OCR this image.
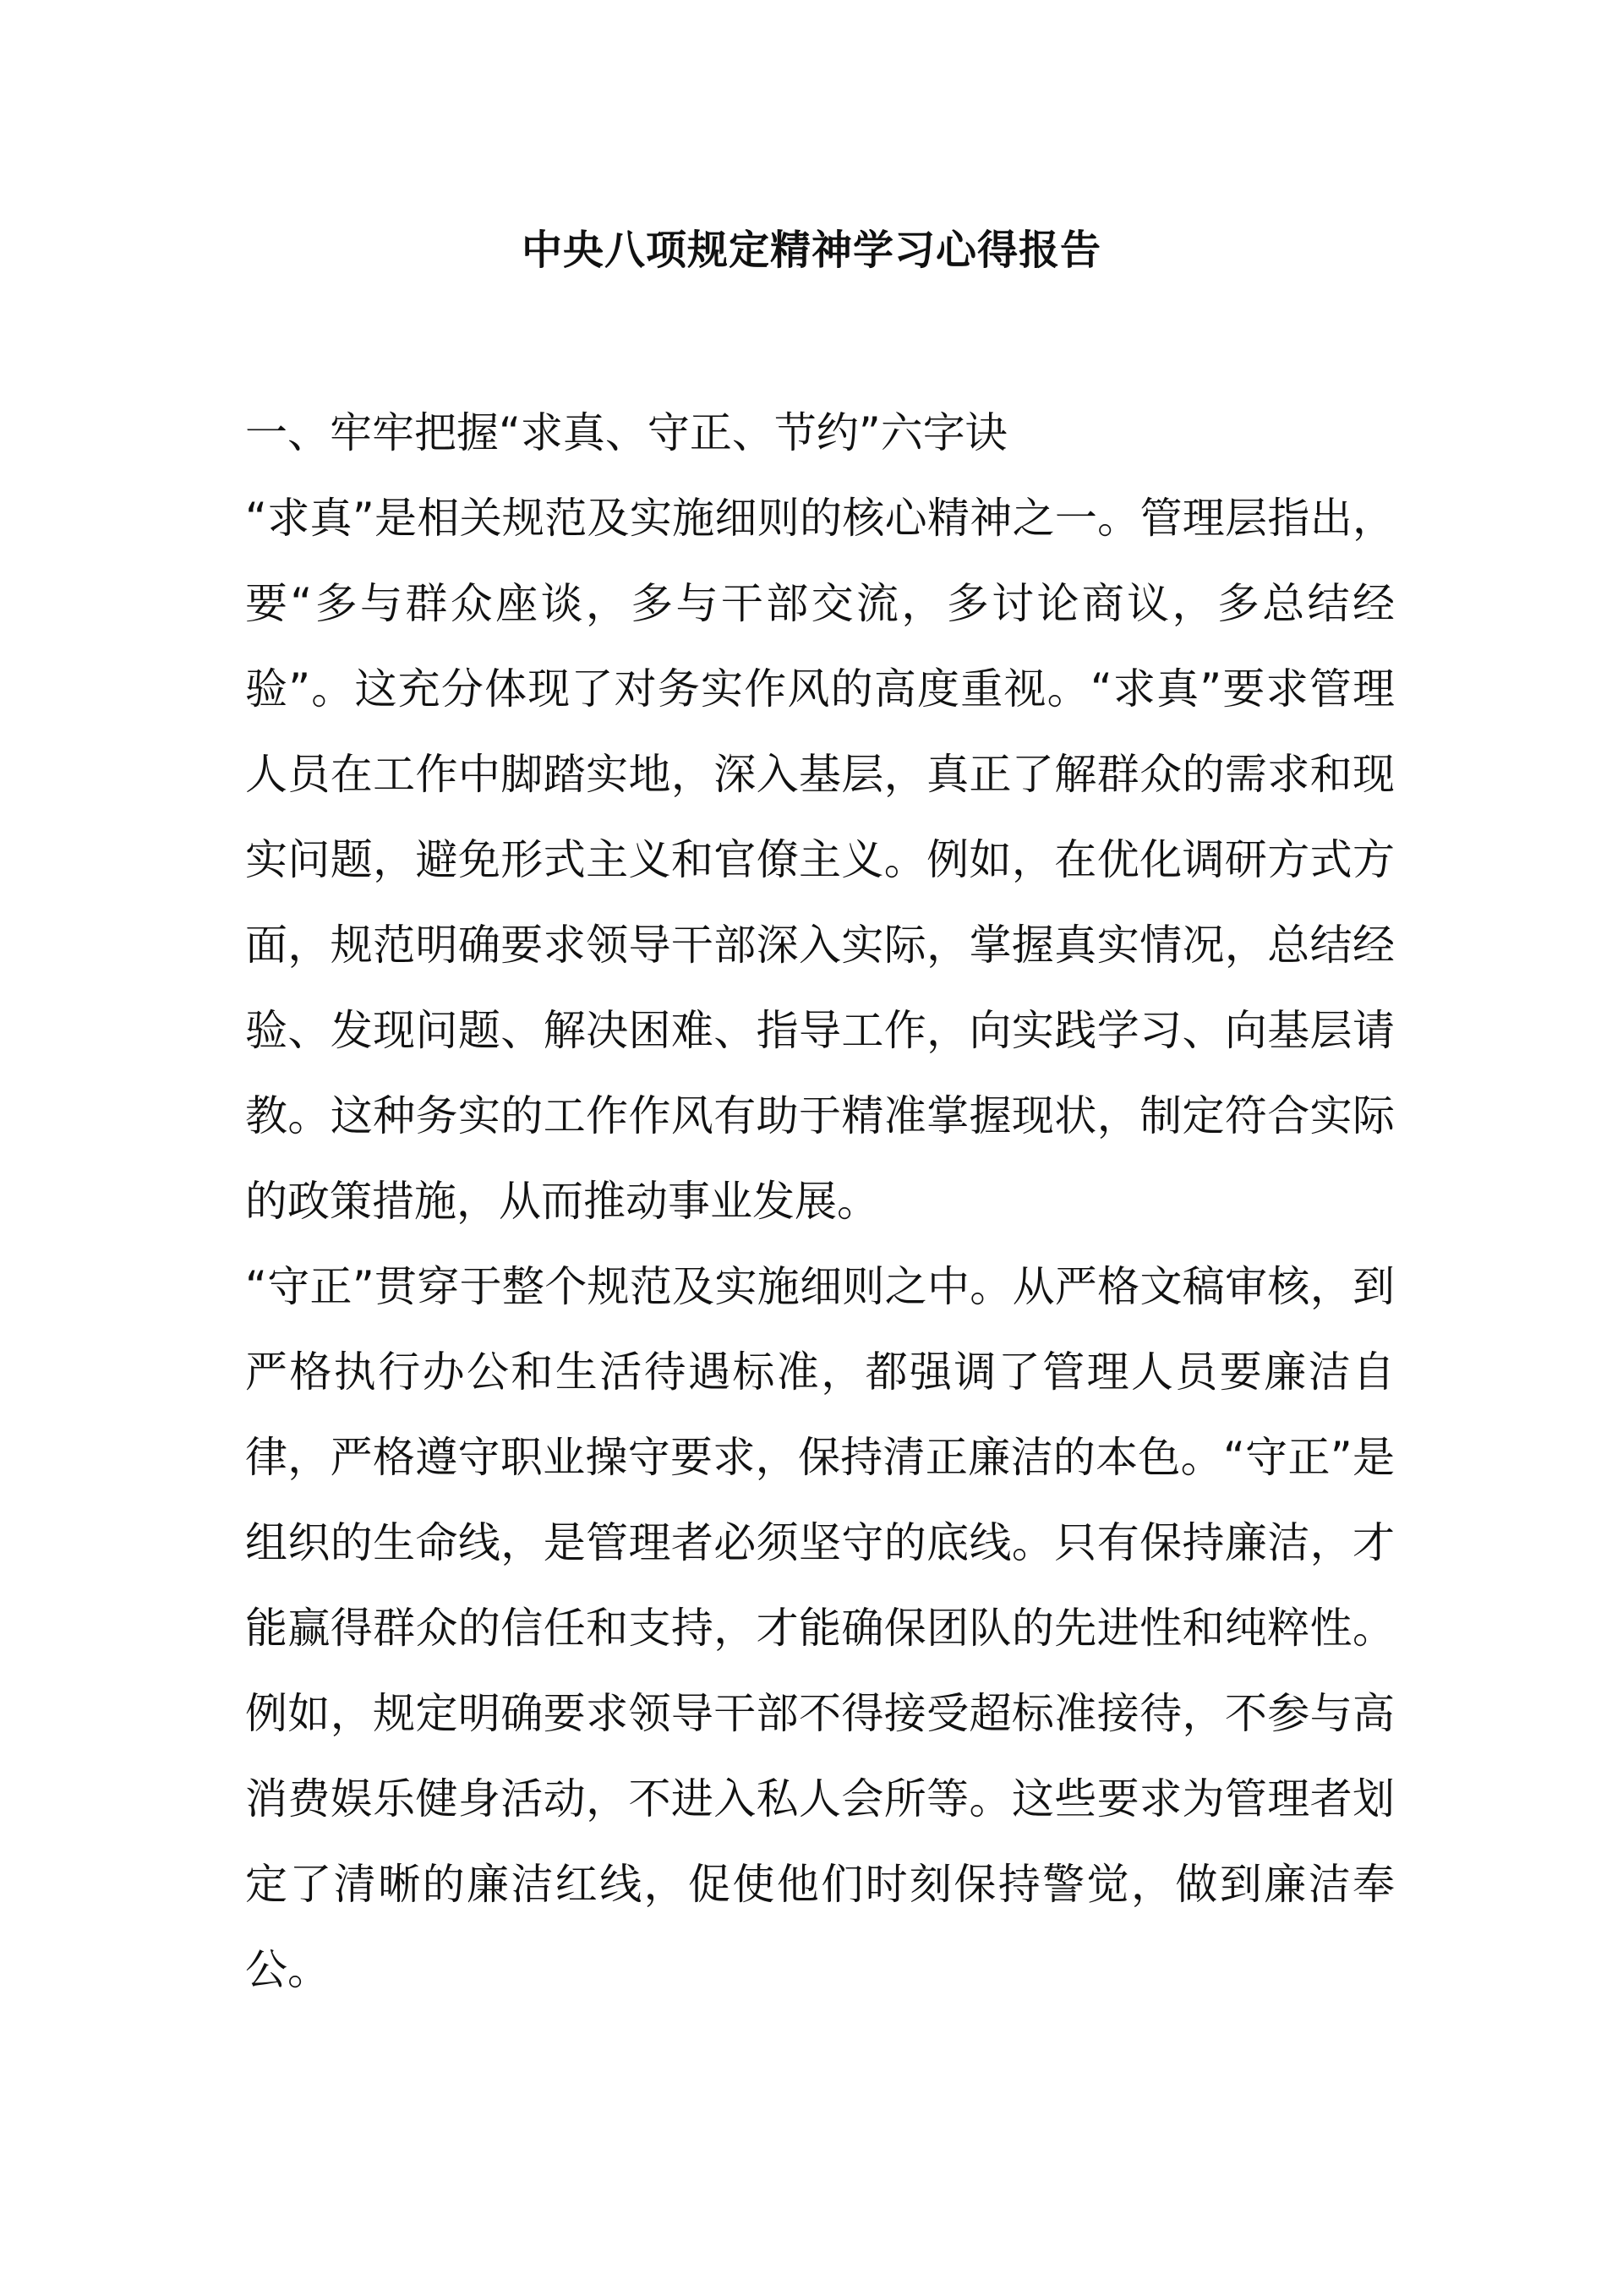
中央八项规定精神学习心得报告

一、牢牢把握“求真、守正、节约”六字诀

“求真”是相关规范及实施细则的核心精神之一。管理层指出，要“多与群众座谈，多与干部交流，多讨论商议，多总结经验”。这充分体现了对务实作风的高度重视。“求真”要求管理人员在工作中脚踏实地，深入基层，真正了解群众的需求和现实问题，避免形式主义和官僚主义。例如，在优化调研方式方面，规范明确要求领导干部深入实际，掌握真实情况，总结经验、发现问题、解决困难、指导工作，向实践学习、向基层请教。这种务实的工作作风有助于精准掌握现状，制定符合实际的政策措施，从而推动事业发展。

“守正”贯穿于整个规范及实施细则之中。从严格文稿审核，到严格执行办公和生活待遇标准，都强调了管理人员要廉洁自律，严格遵守职业操守要求，保持清正廉洁的本色。“守正”是组织的生命线，是管理者必须坚守的底线。只有保持廉洁，才能赢得群众的信任和支持，才能确保团队的先进性和纯粹性。例如，规定明确要求领导干部不得接受超标准接待，不参与高消费娱乐健身活动，不进入私人会所等。这些要求为管理者划定了清晰的廉洁红线，促使他们时刻保持警觉，做到廉洁奉公。
